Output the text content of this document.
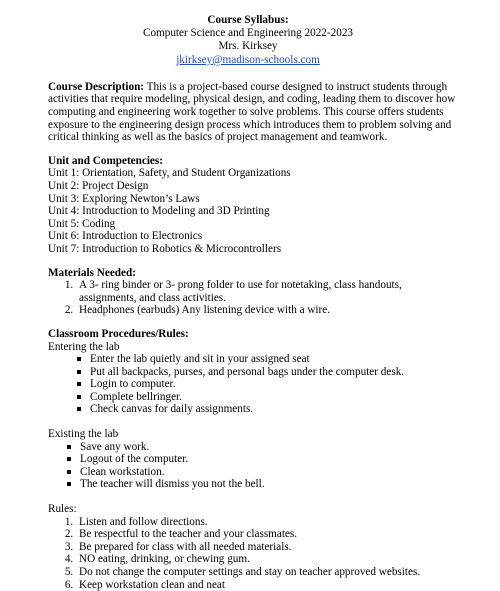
Course Syllabus:
Computer Science and Engineering 2022-2023
Mrs. Kirksey
jkirksey@madison-schools.com
Course Description: This is a project-based course designed to instruct students through activities that require modeling, physical design, and coding, leading them to discover how computing and engineering work together to solve problems. This course offers students exposure to the engineering design process which introduces them to problem solving and critical thinking as well as the basics of project management and teamwork.
Unit and Competencies:
Unit 1: Orientation, Safety, and Student Organizations
Unit 2: Project Design
Unit 3: Exploring Newton’s Laws
Unit 4: Introduction to Modeling and 3D Printing
Unit 5: Coding
Unit 6: Introduction to Electronics
Unit 7: Introduction to Robotics & Microcontrollers
Materials Needed:
1. A 3- ring binder or 3- prong folder to use for notetaking, class handouts, assignments, and class activities.
2. Headphones (earbuds) Any listening device with a wire.
Classroom Procedures/Rules:
Entering the lab
Enter the lab quietly and sit in your assigned seat
Put all backpacks, purses, and personal bags under the computer desk.
Login to computer.
Complete bellringer.
Check canvas for daily assignments.
Existing the lab
Save any work.
Logout of the computer.
Clean workstation.
The teacher will dismiss you not the bell.
Rules:
1. Listen and follow directions.
2. Be respectful to the teacher and your classmates.
3. Be prepared for class with all needed materials.
4. NO eating, drinking, or chewing gum.
5. Do not change the computer settings and stay on teacher approved websites.
6. Keep workstation clean and neat
